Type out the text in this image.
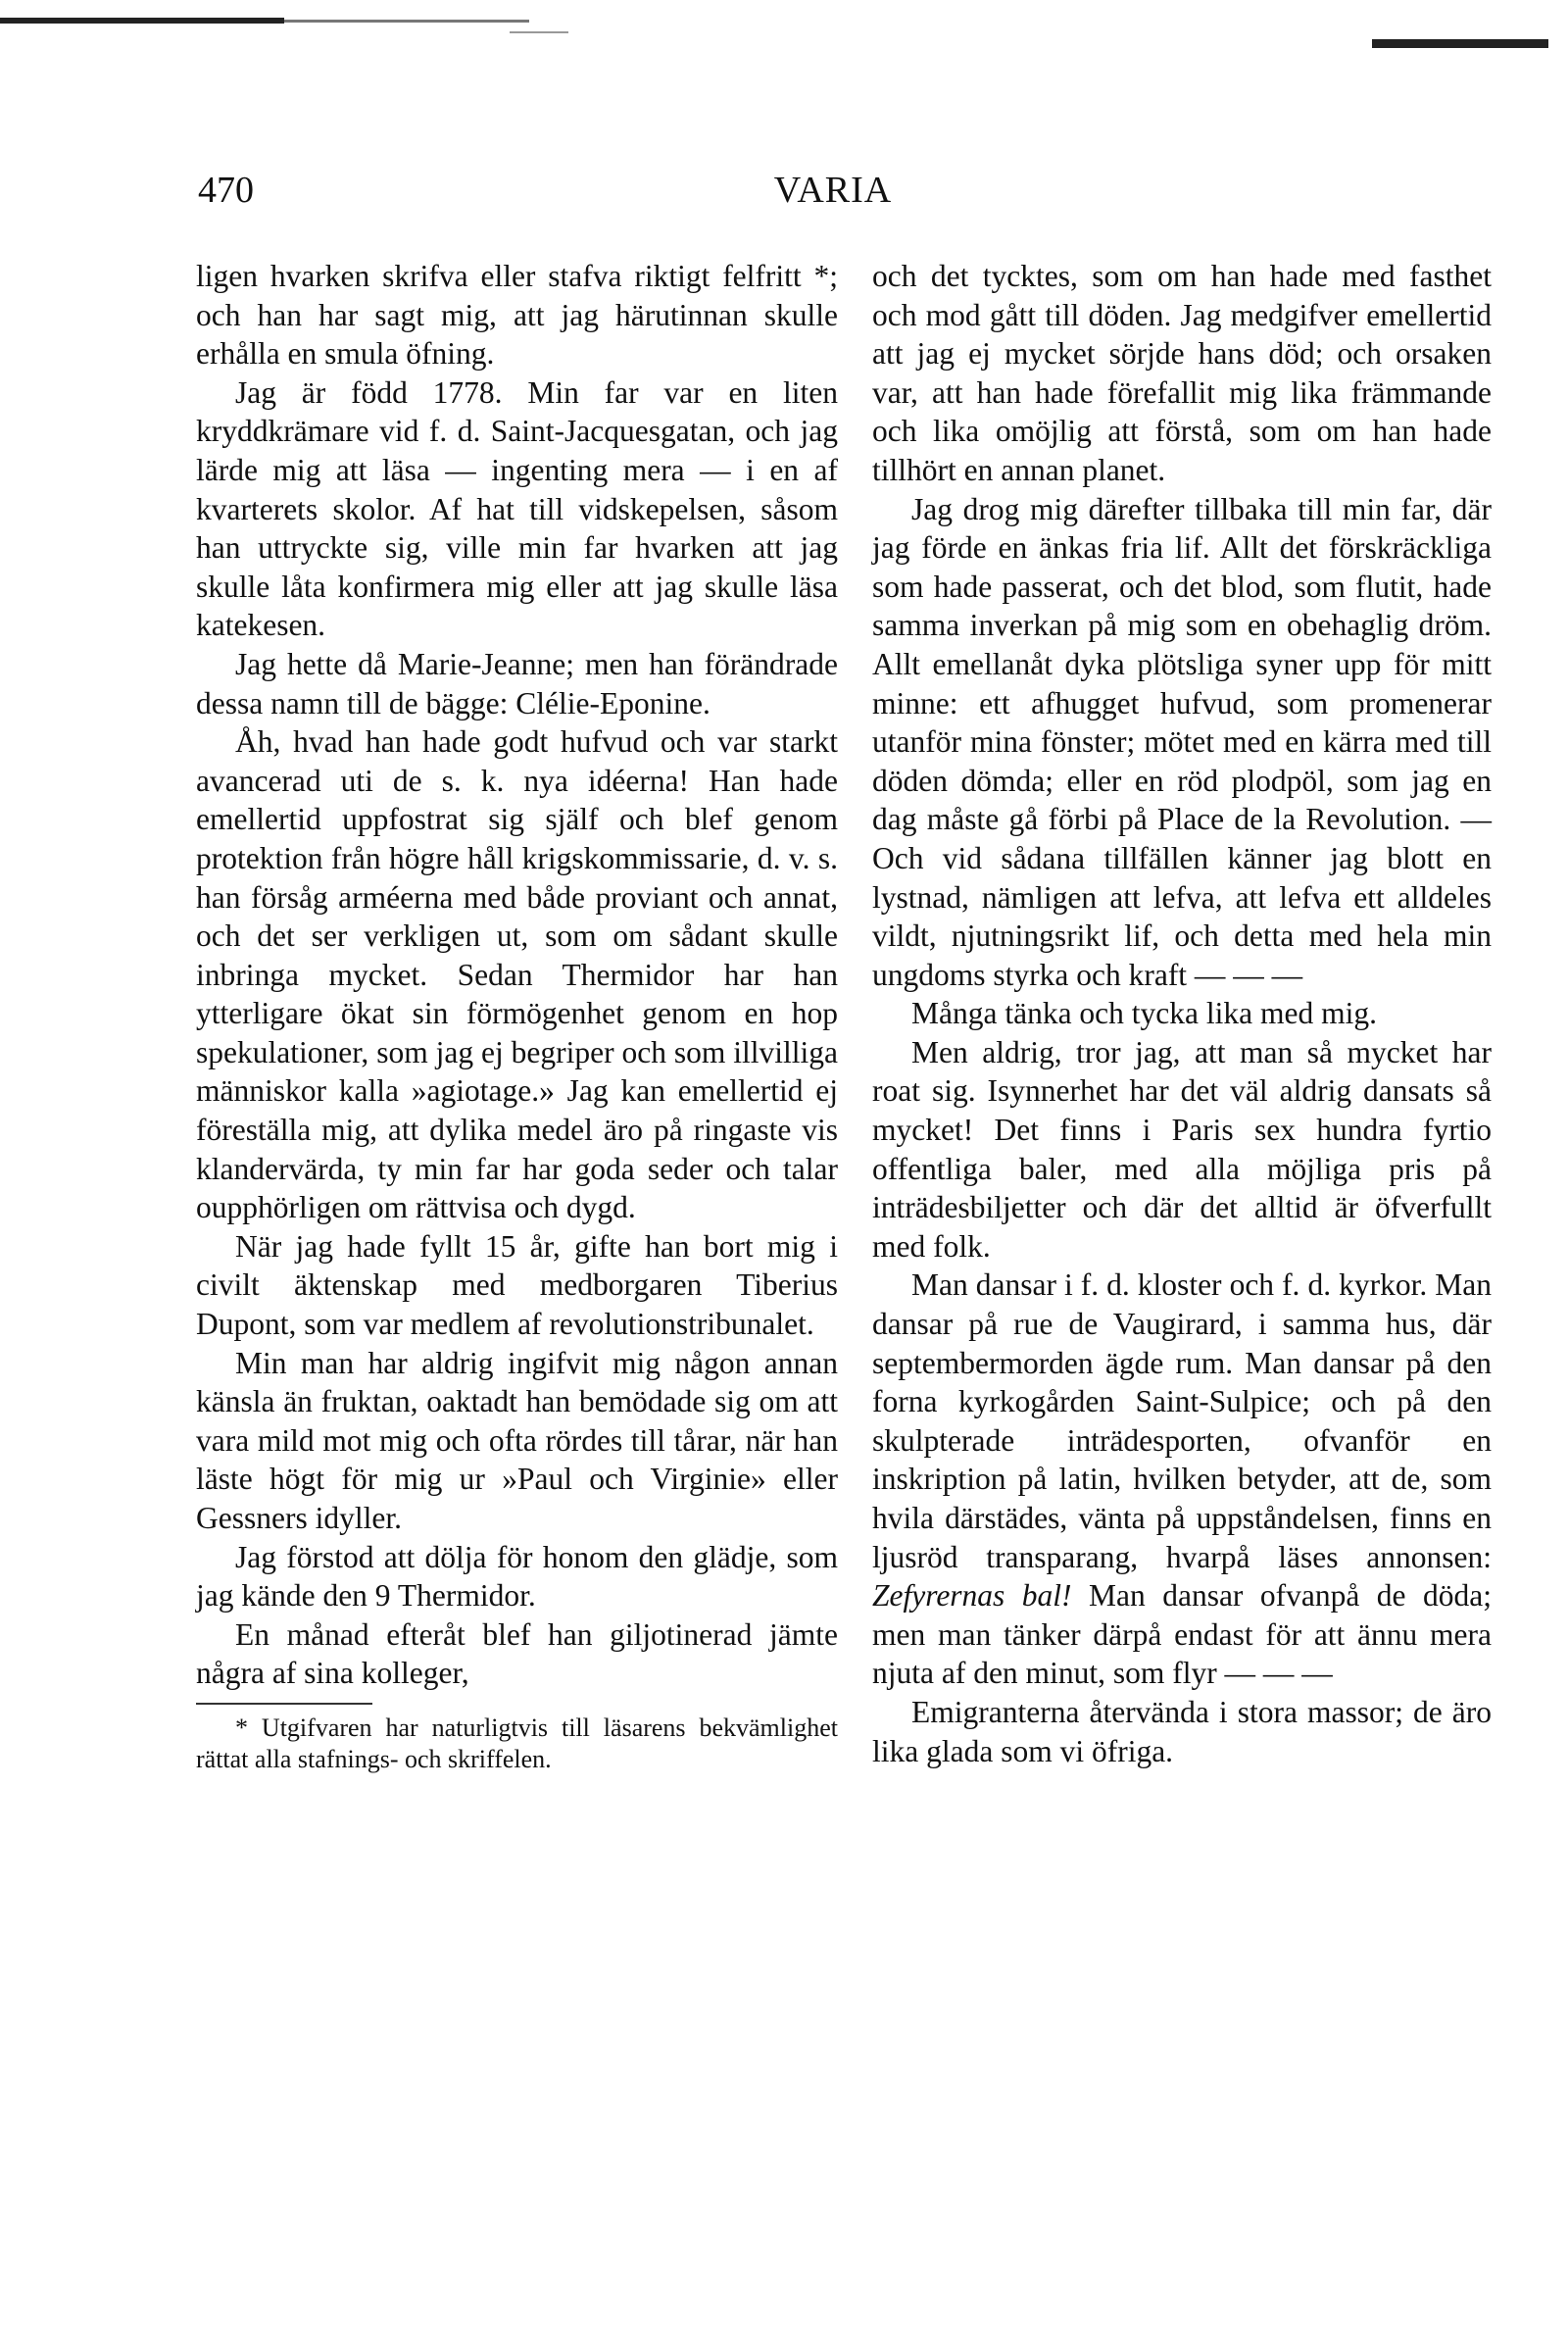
470	VARIA

ligen hvarken skrifva eller stafva riktigt felfritt *; och han har sagt mig, att jag härutinnan skulle erhålla en smula öfning.

Jag är född 1778. Min far var en liten kryddkrämare vid f. d. Saint-Jacquesgatan, och jag lärde mig att läsa — ingenting mera — i en af kvarterets skolor. Af hat till vidskepelsen, såsom han uttryckte sig, ville min far hvarken att jag skulle låta konfirmera mig eller att jag skulle läsa katekesen.

Jag hette då Marie-Jeanne; men han förändrade dessa namn till de bägge: Clélie-Eponine.

Åh, hvad han hade godt hufvud och var starkt avancerad uti de s. k. nya idéerna! Han hade emellertid uppfostrat sig själf och blef genom protektion från högre håll krigskommissarie, d. v. s. han försåg arméerna med både proviant och annat, och det ser verkligen ut, som om sådant skulle inbringa mycket. Sedan Thermidor har han ytterligare ökat sin förmögenhet genom en hop spekulationer, som jag ej begriper och som illvilliga människor kalla »agiotage.» Jag kan emellertid ej föreställa mig, att dylika medel äro på ringaste vis klandervärda, ty min far har goda seder och talar oupphörligen om rättvisa och dygd.

När jag hade fyllt 15 år, gifte han bort mig i civilt äktenskap med medborgaren Tiberius Dupont, som var medlem af revolutionstribunalet.

Min man har aldrig ingifvit mig någon annan känsla än fruktan, oaktadt han bemödade sig om att vara mild mot mig och ofta rördes till tårar, när han läste högt för mig ur »Paul och Virginie» eller Gessners idyller.

Jag förstod att dölja för honom den glädje, som jag kände den 9 Thermidor.

En månad efteråt blef han giljotinerad jämte några af sina kolleger,

* Utgifvaren har naturligtvis till läsarens bekvämlighet rättat alla stafnings- och skriffelen.

och det tycktes, som om han hade med fasthet och mod gått till döden. Jag medgifver emellertid att jag ej mycket sörjde hans död; och orsaken var, att han hade förefallit mig lika främmande och lika omöjlig att förstå, som om han hade tillhört en annan planet.

Jag drog mig därefter tillbaka till min far, där jag förde en änkas fria lif. Allt det förskräckliga som hade passerat, och det blod, som flutit, hade samma inverkan på mig som en obehaglig dröm. Allt emellanåt dyka plötsliga syner upp för mitt minne: ett afhugget hufvud, som promenerar utanför mina fönster; mötet med en kärra med till döden dömda; eller en röd plodpöl, som jag en dag måste gå förbi på Place de la Revolution. — Och vid sådana tillfällen känner jag blott en lystnad, nämligen att lefva, att lefva ett alldeles vildt, njutningsrikt lif, och detta med hela min ungdoms styrka och kraft — — —

Många tänka och tycka lika med mig.

Men aldrig, tror jag, att man så mycket har roat sig. Isynnerhet har det väl aldrig dansats så mycket! Det finns i Paris sex hundra fyrtio offentliga baler, med alla möjliga pris på inträdesbiljetter och där det alltid är öfverfullt med folk.

Man dansar i f. d. kloster och f. d. kyrkor. Man dansar på rue de Vaugirard, i samma hus, där septembermorden ägde rum. Man dansar på den forna kyrkogården Saint-Sulpice; och på den skulpterade inträdesporten, ofvanför en inskription på latin, hvilken betyder, att de, som hvila därstädes, vänta på uppståndelsen, finns en ljusröd transparang, hvarpå läses annonsen: Zefyrernas bal! Man dansar ofvanpå de döda; men man tänker därpå endast för att ännu mera njuta af den minut, som flyr — — —

Emigranterna återvända i stora massor; de äro lika glada som vi öfriga.
